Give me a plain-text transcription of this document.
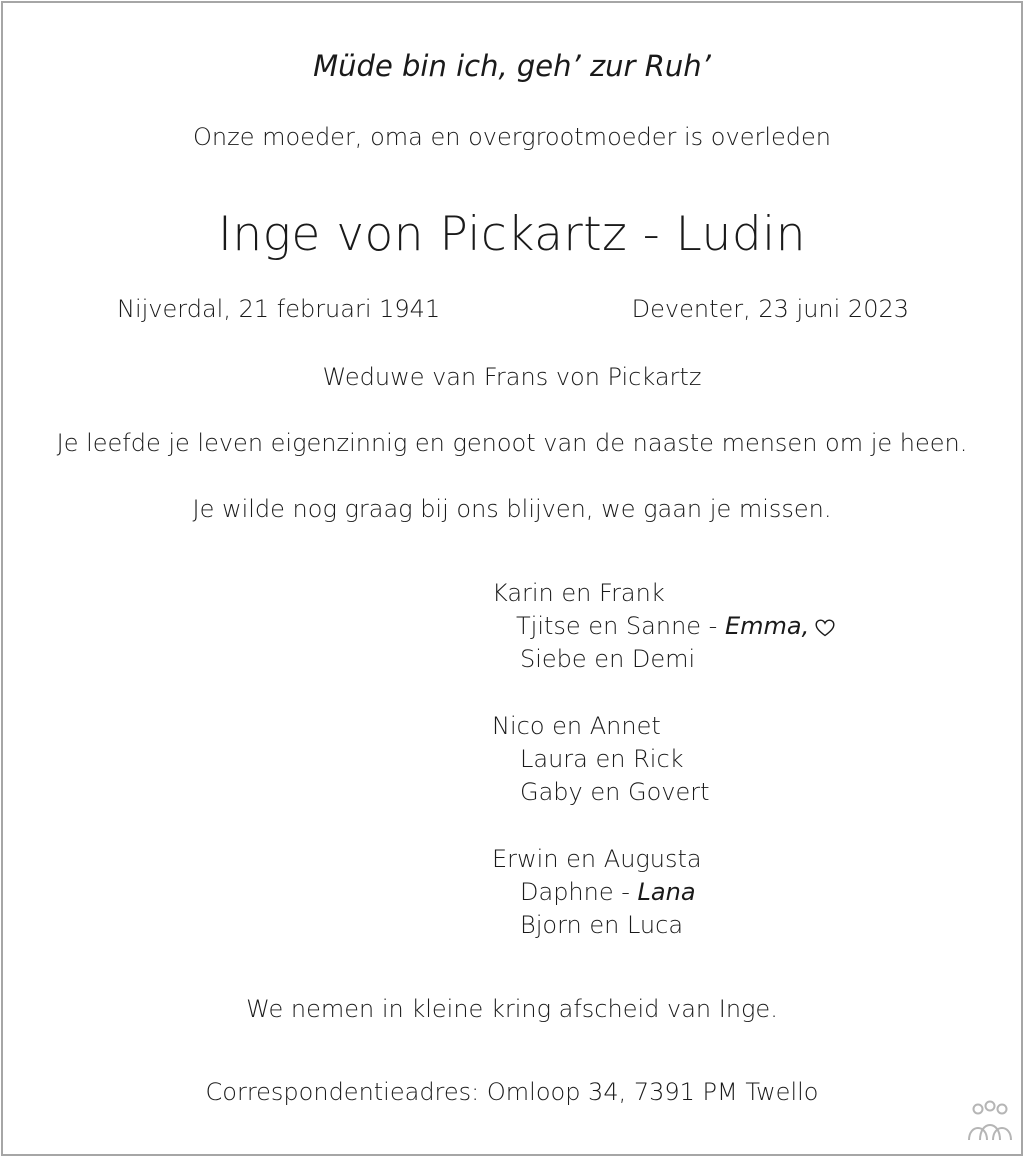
Müde bin ich, geh’ zur Ruh’
Onze moeder, oma en overgrootmoeder is overleden
Inge von Pickartz - Ludin
Nijverdal, 21 februari 1941	Deventer, 23 juni 2023
Weduwe van Frans von Pickartz
Je leefde je leven eigenzinnig en genoot van de naaste mensen om je heen.
Je wilde nog graag bij ons blijven, we gaan je missen.
Karin en Frank
Tjitse en Sanne - Emma,
Siebe en Demi
Nico en Annet
Laura en Rick
Gaby en Govert
Erwin en Augusta
Daphne - Lana
Bjorn en Luca
We nemen in kleine kring afscheid van Inge.
Correspondentieadres: Omloop 34, 7391 PM Twello
